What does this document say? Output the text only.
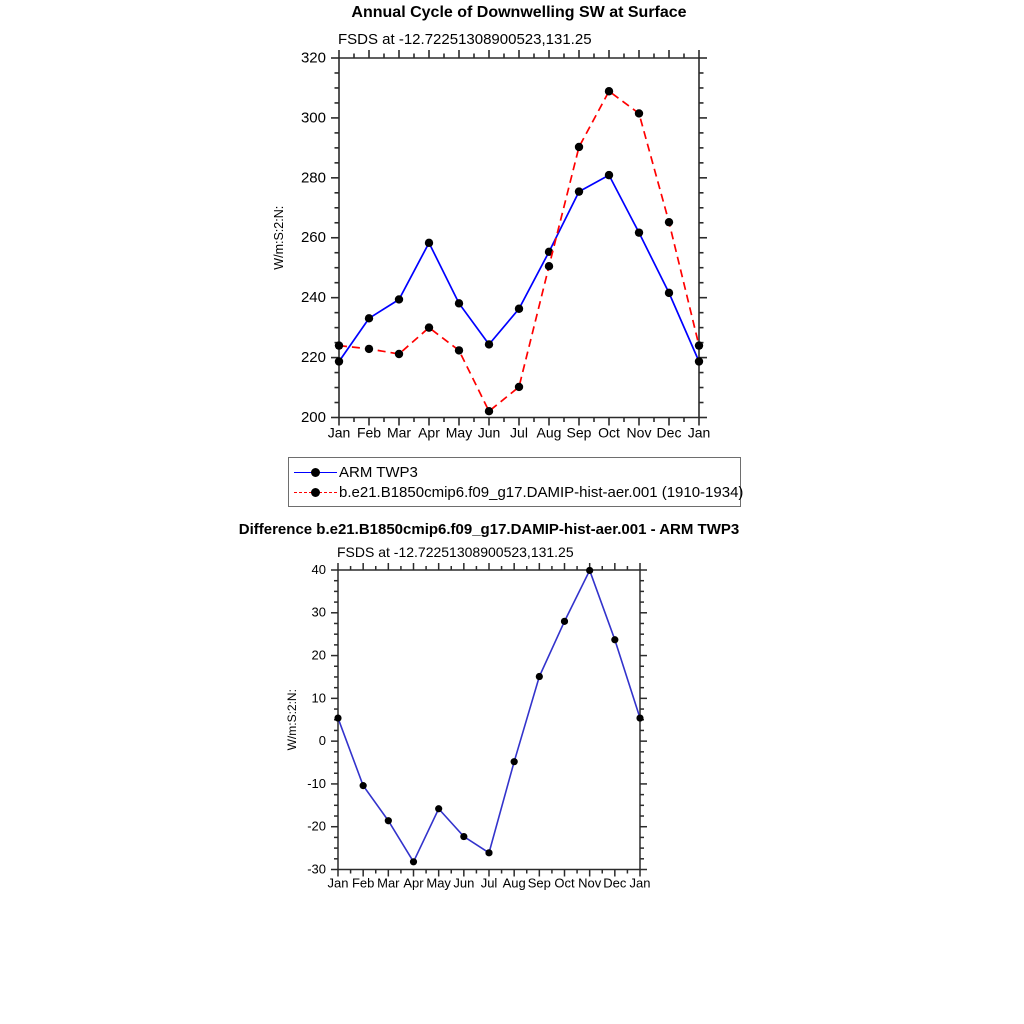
Annual Cycle of Downwelling SW at Surface
FSDS at -12.72251308900523,131.25
200
220
240
260
280
300
320
Jan Feb Mar Apr May Jun Jul Aug Sep Oct Nov Dec Jan
W/m:S:2:N:
-30
-20
-10
0
10
20
30
40
Jan Feb Mar Apr May Jun Jul Aug Sep Oct Nov Dec Jan
W/m:S:2:N:
ARM TWP3
b.e21.B1850cmip6.f09_g17.DAMIP-hist-aer.001 (1910-1934)
Difference b.e21.B1850cmip6.f09_g17.DAMIP-hist-aer.001 - ARM TWP3
FSDS at -12.72251308900523,131.25
